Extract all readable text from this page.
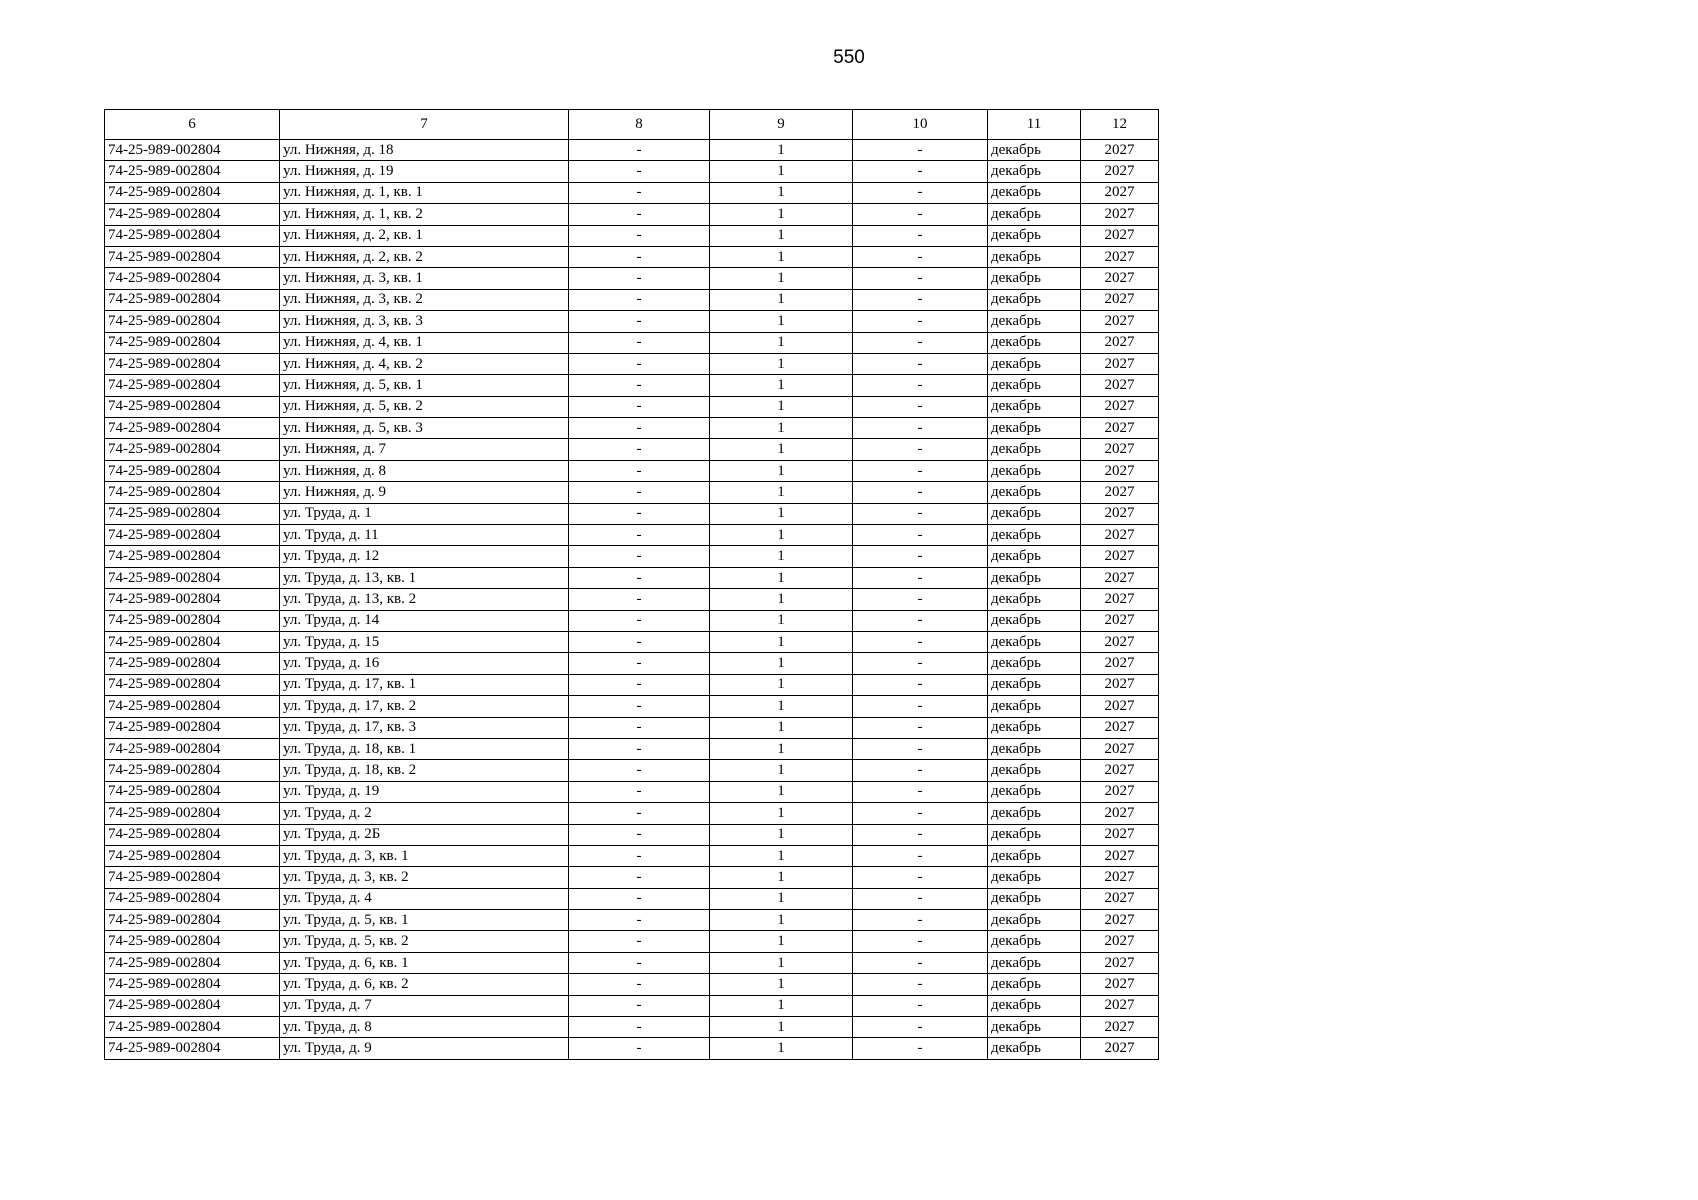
550
6	7	8	9	10	11	12
74-25-989-002804	ул. Нижняя, д. 18	-	1	-	декабрь	2027
74-25-989-002804	ул. Нижняя, д. 19	-	1	-	декабрь	2027
74-25-989-002804	ул. Нижняя, д. 1, кв. 1	-	1	-	декабрь	2027
74-25-989-002804	ул. Нижняя, д. 1, кв. 2	-	1	-	декабрь	2027
74-25-989-002804	ул. Нижняя, д. 2, кв. 1	-	1	-	декабрь	2027
74-25-989-002804	ул. Нижняя, д. 2, кв. 2	-	1	-	декабрь	2027
74-25-989-002804	ул. Нижняя, д. 3, кв. 1	-	1	-	декабрь	2027
74-25-989-002804	ул. Нижняя, д. 3, кв. 2	-	1	-	декабрь	2027
74-25-989-002804	ул. Нижняя, д. 3, кв. 3	-	1	-	декабрь	2027
74-25-989-002804	ул. Нижняя, д. 4, кв. 1	-	1	-	декабрь	2027
74-25-989-002804	ул. Нижняя, д. 4, кв. 2	-	1	-	декабрь	2027
74-25-989-002804	ул. Нижняя, д. 5, кв. 1	-	1	-	декабрь	2027
74-25-989-002804	ул. Нижняя, д. 5, кв. 2	-	1	-	декабрь	2027
74-25-989-002804	ул. Нижняя, д. 5, кв. 3	-	1	-	декабрь	2027
74-25-989-002804	ул. Нижняя, д. 7	-	1	-	декабрь	2027
74-25-989-002804	ул. Нижняя, д. 8	-	1	-	декабрь	2027
74-25-989-002804	ул. Нижняя, д. 9	-	1	-	декабрь	2027
74-25-989-002804	ул. Труда, д. 1	-	1	-	декабрь	2027
74-25-989-002804	ул. Труда, д. 11	-	1	-	декабрь	2027
74-25-989-002804	ул. Труда, д. 12	-	1	-	декабрь	2027
74-25-989-002804	ул. Труда, д. 13, кв. 1	-	1	-	декабрь	2027
74-25-989-002804	ул. Труда, д. 13, кв. 2	-	1	-	декабрь	2027
74-25-989-002804	ул. Труда, д. 14	-	1	-	декабрь	2027
74-25-989-002804	ул. Труда, д. 15	-	1	-	декабрь	2027
74-25-989-002804	ул. Труда, д. 16	-	1	-	декабрь	2027
74-25-989-002804	ул. Труда, д. 17, кв. 1	-	1	-	декабрь	2027
74-25-989-002804	ул. Труда, д. 17, кв. 2	-	1	-	декабрь	2027
74-25-989-002804	ул. Труда, д. 17, кв. 3	-	1	-	декабрь	2027
74-25-989-002804	ул. Труда, д. 18, кв. 1	-	1	-	декабрь	2027
74-25-989-002804	ул. Труда, д. 18, кв. 2	-	1	-	декабрь	2027
74-25-989-002804	ул. Труда, д. 19	-	1	-	декабрь	2027
74-25-989-002804	ул. Труда, д. 2	-	1	-	декабрь	2027
74-25-989-002804	ул. Труда, д. 2Б	-	1	-	декабрь	2027
74-25-989-002804	ул. Труда, д. 3, кв. 1	-	1	-	декабрь	2027
74-25-989-002804	ул. Труда, д. 3, кв. 2	-	1	-	декабрь	2027
74-25-989-002804	ул. Труда, д. 4	-	1	-	декабрь	2027
74-25-989-002804	ул. Труда, д. 5, кв. 1	-	1	-	декабрь	2027
74-25-989-002804	ул. Труда, д. 5, кв. 2	-	1	-	декабрь	2027
74-25-989-002804	ул. Труда, д. 6, кв. 1	-	1	-	декабрь	2027
74-25-989-002804	ул. Труда, д. 6, кв. 2	-	1	-	декабрь	2027
74-25-989-002804	ул. Труда, д. 7	-	1	-	декабрь	2027
74-25-989-002804	ул. Труда, д. 8	-	1	-	декабрь	2027
74-25-989-002804	ул. Труда, д. 9	-	1	-	декабрь	2027
